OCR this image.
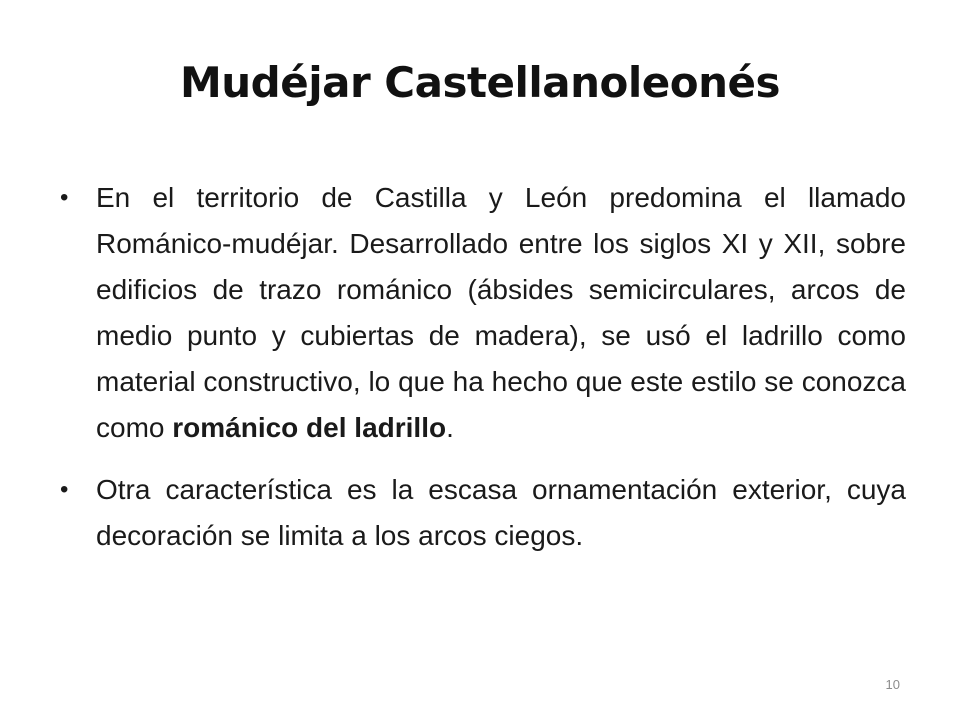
Mudéjar Castellanoleonés
• En el territorio de Castilla y León predomina el llamado Románico-mudéjar. Desarrollado entre los siglos XI y XII, sobre edificios de trazo románico (ábsides semicirculares, arcos de medio punto y cubiertas de madera), se usó el ladrillo como material constructivo, lo que ha hecho que este estilo se conozca como románico del ladrillo.
• Otra característica es la escasa ornamentación exterior, cuya decoración se limita a los arcos ciegos.
10
